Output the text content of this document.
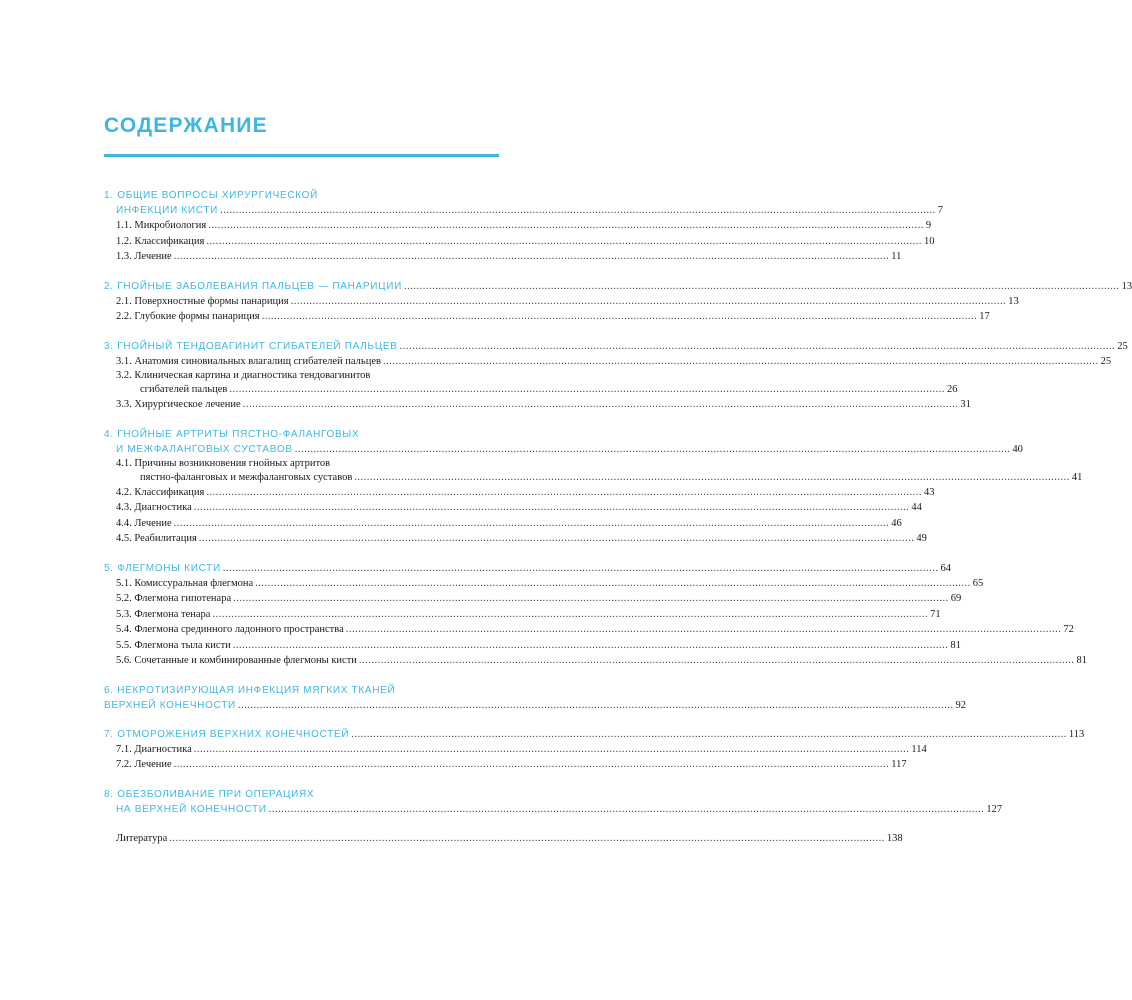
СОДЕРЖАНИЕ
1. ОБЩИЕ ВОПРОСЫ ХИРУРГИЧЕСКОЙ
ИНФЕКЦИИ КИСТИ .....	7
1.1. Микробиология .....	9
1.2. Классификация .....	10
1.3. Лечение .....	11
2. ГНОЙНЫЕ ЗАБОЛЕВАНИЯ ПАЛЬЦЕВ — ПАНАРИЦИИ .....	13
2.1. Поверхностные формы панариция .....	13
2.2. Глубокие формы панариция .....	17
3. ГНОЙНЫЙ ТЕНДОВАГИНИТ СГИБАТЕЛЕЙ ПАЛЬЦЕВ .....	25
3.1. Анатомия синовиальных влагалищ сгибателей пальцев .....	25
3.2. Клиническая картина и диагностика тендовагинитов
сгибателей пальцев .....	26
3.3. Хирургическое лечение .....	31
4. ГНОЙНЫЕ АРТРИТЫ ПЯСТНО-ФАЛАНГОВЫХ
И МЕЖФАЛАНГОВЫХ СУСТАВОВ .....	40
4.1. Причины возникновения гнойных артритов
пястно-фаланговых и межфаланговых суставов .....	41
4.2. Классификация .....	43
4.3. Диагностика .....	44
4.4. Лечение .....	46
4.5. Реабилитация .....	49
5. ФЛЕГМОНЫ КИСТИ .....	64
5.1. Комиссуральная флегмона .....	65
5.2. Флегмона гипотенара .....	69
5.3. Флегмона тенара .....	71
5.4. Флегмона срединного ладонного пространства .....	72
5.5. Флегмона тыла кисти .....	81
5.6. Сочетанные и комбинированные флегмоны кисти .....	81
6. НЕКРОТИЗИРУЮЩАЯ ИНФЕКЦИЯ МЯГКИХ ТКАНЕЙ
ВЕРХНЕЙ КОНЕЧНОСТИ .....	92
7. ОТМОРОЖЕНИЯ ВЕРХНИХ КОНЕЧНОСТЕЙ .....	113
7.1. Диагностика .....	114
7.2. Лечение .....	117
8. ОБЕЗБОЛИВАНИЕ ПРИ ОПЕРАЦИЯХ
НА ВЕРХНЕЙ КОНЕЧНОСТИ .....	127
Литература .....	138
